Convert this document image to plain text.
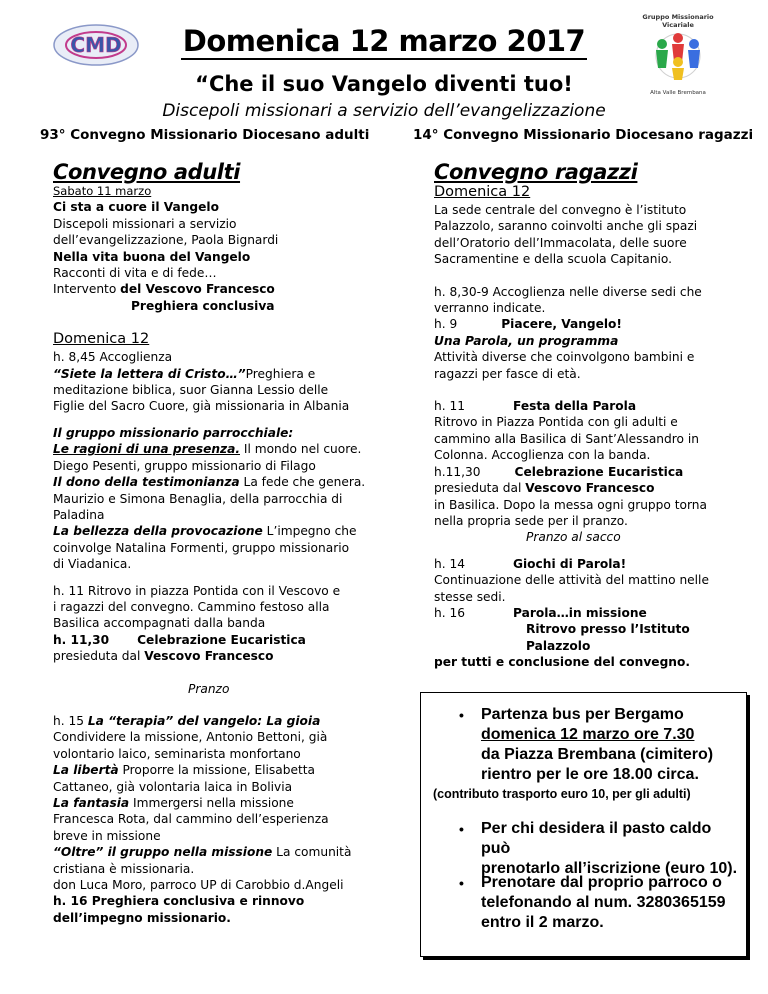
CMD
Gruppo Missionario
Vicariale
Alta Valle Brembana
Domenica 12 marzo 2017
“Che il suo Vangelo diventi tuo!
Discepoli missionari a servizio dell’evangelizzazione
93° Convegno Missionario Diocesano adulti	14° Convegno Missionario Diocesano ragazzi
Convegno adulti	Convegno ragazzi

Sabato 11 marzo

Ci sta a cuore il Vangelo

Discepoli missionari a servizio

dell’evangelizzazione, Paola Bignardi

Nella vita buona del Vangelo

Racconti di vita e di fede…

Intervento del Vescovo Francesco

Preghiera conclusiva

Domenica 12

h. 8,45 Accoglienza

“Siete la lettera di Cristo…”Preghiera e

meditazione biblica, suor Gianna Lessio delle

Figlie del Sacro Cuore, già missionaria in Albania

Il gruppo missionario parrocchiale:

Le ragioni di una presenza. Il mondo nel cuore.

Diego Pesenti, gruppo missionario di Filago

Il dono della testimonianza La fede che genera.

Maurizio e Simona Benaglia, della parrocchia di

Paladina

La bellezza della provocazione L’impegno che

coinvolge Natalina Formenti, gruppo missionario

di Viadanica.

h. 11 Ritrovo in piazza Pontida con il Vescovo e

i ragazzi del convegno. Cammino festoso alla

Basilica accompagnati dalla banda

h. 11,30 Celebrazione Eucaristica

presieduta dal Vescovo Francesco

Pranzo

h. 15 La “terapia” del vangelo: La gioia

Condividere la missione, Antonio Bettoni, già

volontario laico, seminarista monfortano

La libertà Proporre la missione, Elisabetta

Cattaneo, già volontaria laica in Bolivia

La fantasia Immergersi nella missione

Francesca Rota, dal cammino dell’esperienza

breve in missione

“Oltre” il gruppo nella missione La comunità

cristiana è missionaria.

don Luca Moro, parroco UP di Carobbio d.Angeli

h. 16 Preghiera conclusiva e rinnovo

dell’impegno missionario.

Domenica 12

La sede centrale del convegno è l’istituto

Palazzolo, saranno coinvolti anche gli spazi

dell’Oratorio dell’Immacolata, delle suore

Sacramentine e della scuola Capitanio.

h. 8,30-9 Accoglienza nelle diverse sedi che

verranno indicate.

h. 9	Piacere, Vangelo!

Una Parola, un programma

Attività diverse che coinvolgono bambini e

ragazzi per fasce di età.

h. 11	Festa della Parola

Ritrovo in Piazza Pontida con gli adulti e

cammino alla Basilica di Sant’Alessandro in

Colonna. Accoglienza con la banda.

h.11,30	Celebrazione Eucaristica

presieduta dal Vescovo Francesco

in Basilica. Dopo la messa ogni gruppo torna

nella propria sede per il pranzo.

Pranzo al sacco

h. 14	Giochi di Parola!

Continuazione delle attività del mattino nelle

stesse sedi.

h. 16	Parola…in missione

Ritrovo presso l’Istituto Palazzolo

per tutti e conclusione del convegno.

• Partenza bus per Bergamo
domenica 12 marzo ore 7.30
da Piazza Brembana (cimitero)
rientro per le ore 18.00 circa.
(contributo trasporto euro 10, per gli adulti)
• Per chi desidera il pasto caldo può
prenotarlo all’iscrizione (euro 10).
• Prenotare dal proprio parroco o
telefonando al num. 3280365159
entro il 2 marzo.
